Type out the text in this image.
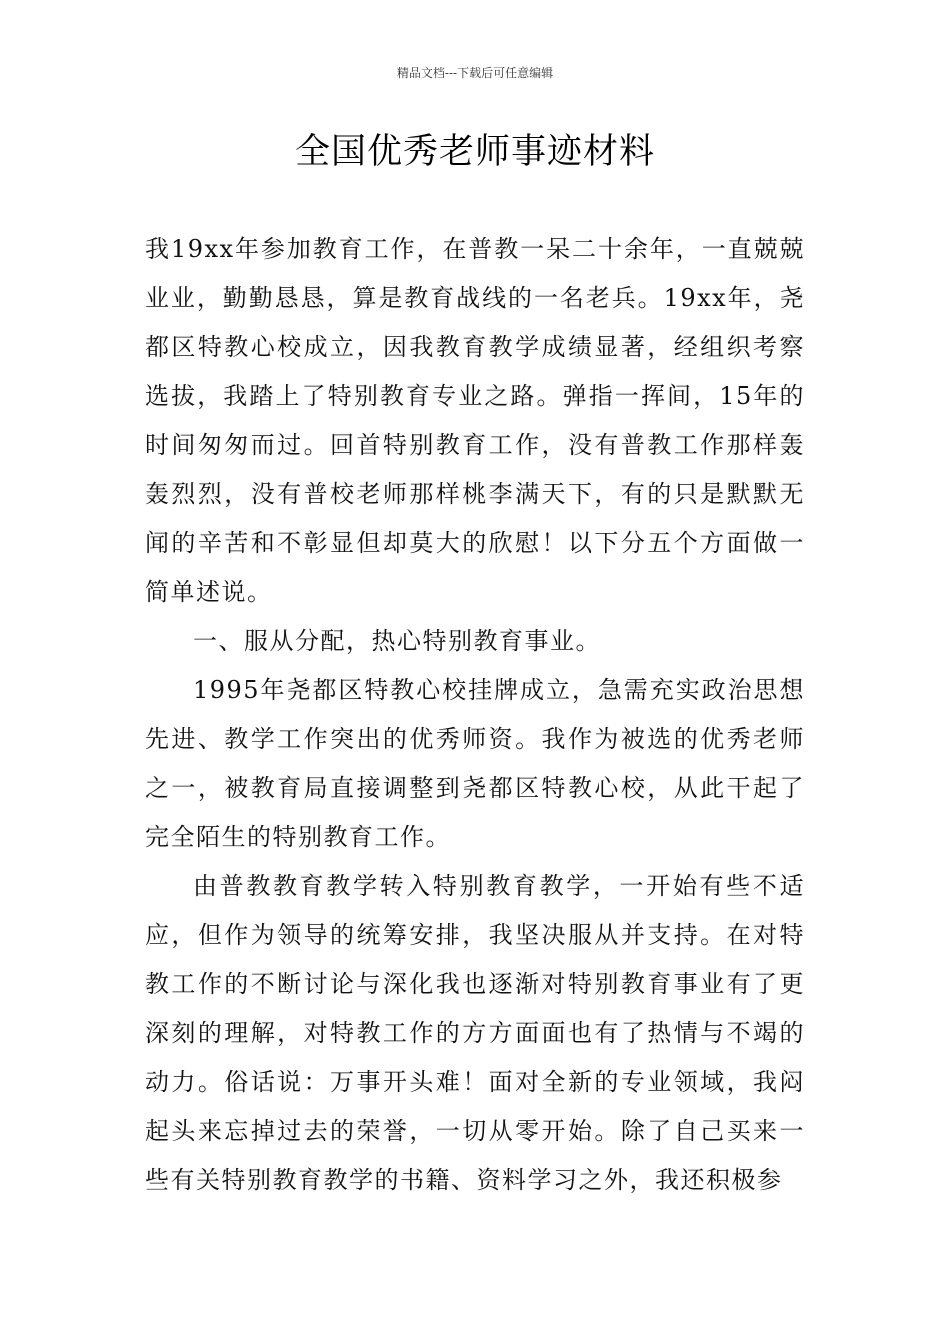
精品文档---下载后可任意编辑
全国优秀老师事迹材料

我19xx年参加教育工作，在普教一呆二十余年，一直兢兢业业，勤勤恳恳，算是教育战线的一名老兵。19xx年，尧都区特教心校成立，因我教育教学成绩显著，经组织考察选拔，我踏上了特别教育专业之路。弹指一挥间，15年的时间匆匆而过。回首特别教育工作，没有普教工作那样轰轰烈烈，没有普校老师那样桃李满天下，有的只是默默无闻的辛苦和不彰显但却莫大的欣慰！以下分五个方面做一简单述说。

一、服从分配，热心特别教育事业。

1995年尧都区特教心校挂牌成立，急需充实政治思想先进、教学工作突出的优秀师资。我作为被选的优秀老师之一，被教育局直接调整到尧都区特教心校，从此干起了完全陌生的特别教育工作。

由普教教育教学转入特别教育教学，一开始有些不适应，但作为领导的统筹安排，我坚决服从并支持。在对特教工作的不断讨论与深化我也逐渐对特别教育事业有了更深刻的理解，对特教工作的方方面面也有了热情与不竭的动力。俗话说：万事开头难！面对全新的专业领域，我闷起头来忘掉过去的荣誉，一切从零开始。除了自己买来一些有关特别教育教学的书籍、资料学习之外，我还积极参
